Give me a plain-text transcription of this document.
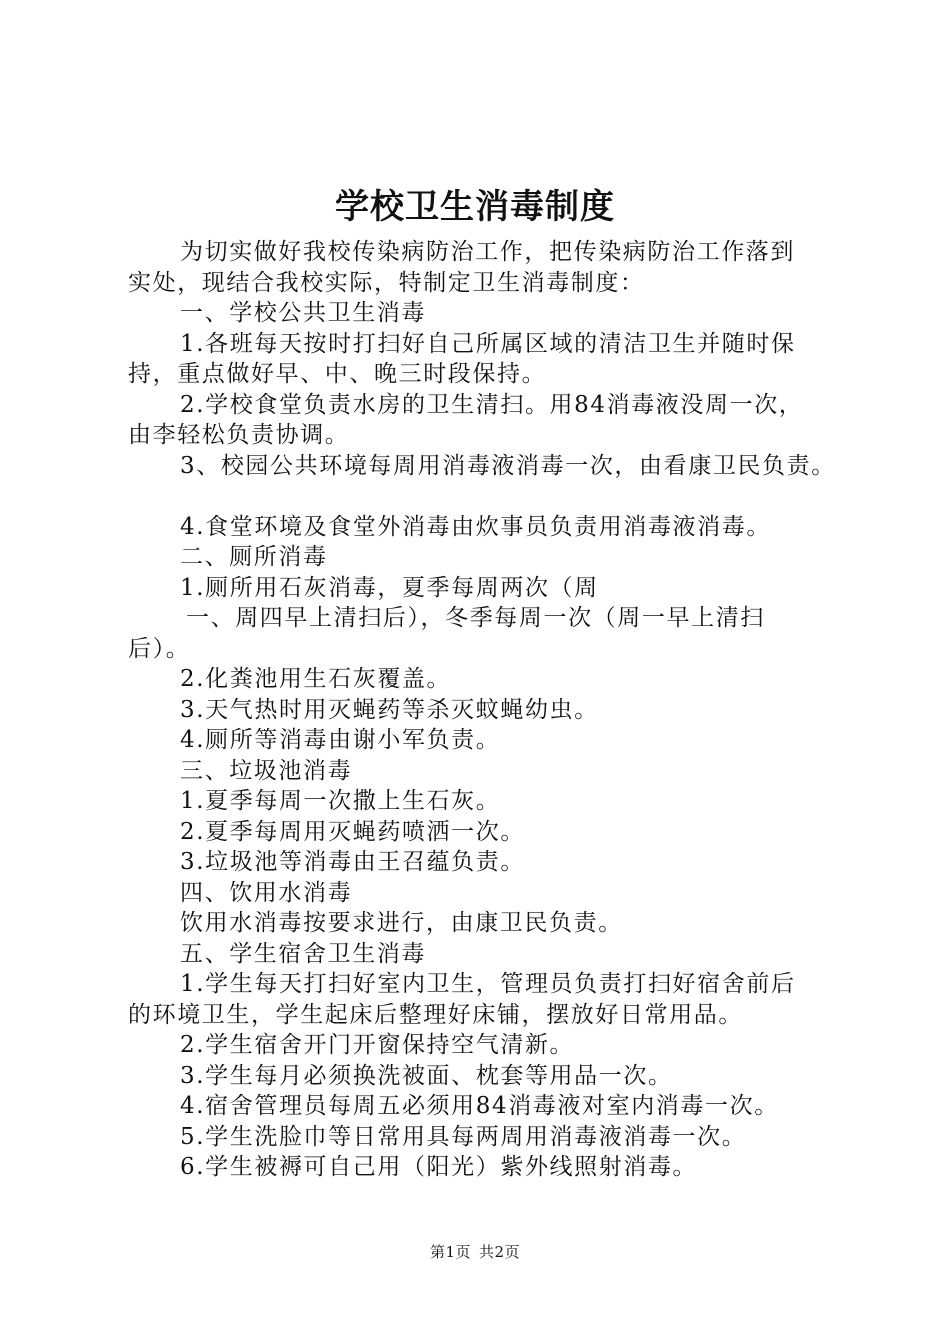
学校卫生消毒制度
为切实做好我校传染病防治工作，把传染病防治工作落到
实处，现结合我校实际，特制定卫生消毒制度：
一、学校公共卫生消毒
1.各班每天按时打扫好自己所属区域的清洁卫生并随时保
持，重点做好早、中、晚三时段保持。
2.学校食堂负责水房的卫生清扫。用84消毒液没周一次，
由李轻松负责协调。
3、校园公共环境每周用消毒液消毒一次，由看康卫民负责。
4.食堂环境及食堂外消毒由炊事员负责用消毒液消毒。
二、厕所消毒
1.厕所用石灰消毒，夏季每周两次（周
一、周四早上清扫后），冬季每周一次（周一早上清扫
后）。
2.化粪池用生石灰覆盖。
3.天气热时用灭蝇药等杀灭蚊蝇幼虫。
4.厕所等消毒由谢小军负责。
三、垃圾池消毒
1.夏季每周一次撒上生石灰。
2.夏季每周用灭蝇药喷洒一次。
3.垃圾池等消毒由王召蕴负责。
四、饮用水消毒
饮用水消毒按要求进行，由康卫民负责。
五、学生宿舍卫生消毒
1.学生每天打扫好室内卫生，管理员负责打扫好宿舍前后
的环境卫生，学生起床后整理好床铺，摆放好日常用品。
2.学生宿舍开门开窗保持空气清新。
3.学生每月必须换洗被面、枕套等用品一次。
4.宿舍管理员每周五必须用84消毒液对室内消毒一次。
5.学生洗脸巾等日常用具每两周用消毒液消毒一次。
6.学生被褥可自己用（阳光）紫外线照射消毒。
第1页 共2页
